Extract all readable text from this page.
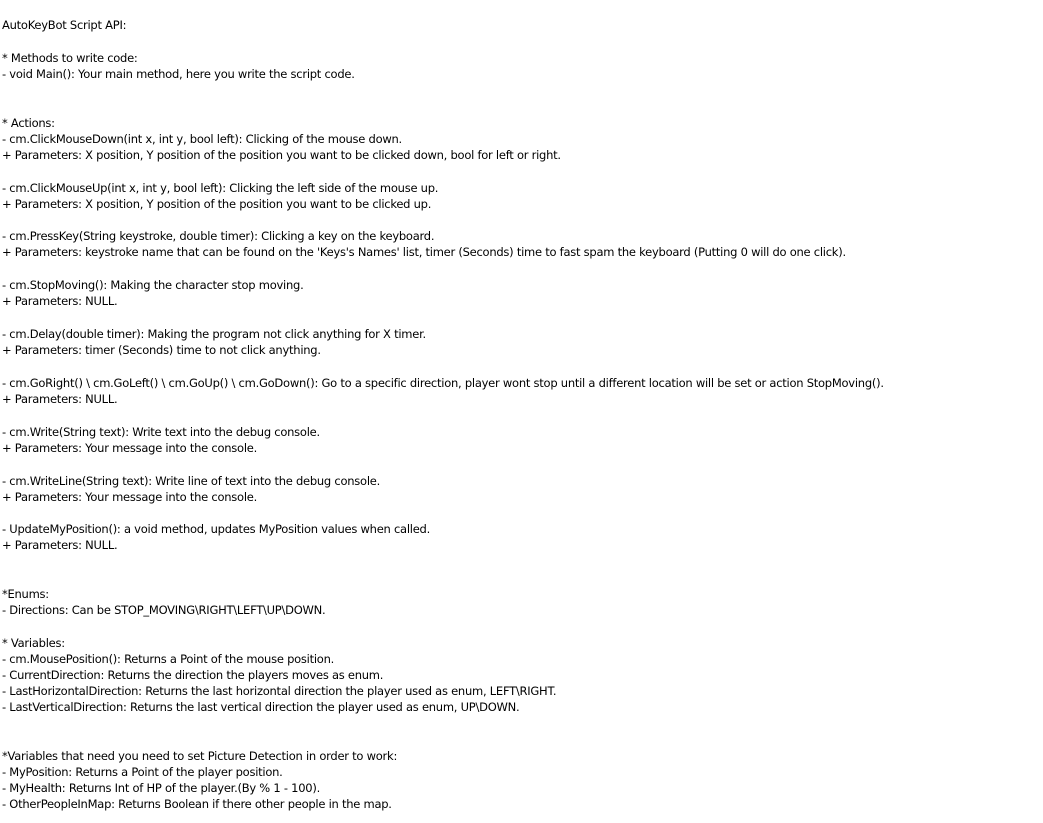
AutoKeyBot Script API:
* Methods to write code:
- void Main(): Your main method, here you write the script code.
* Actions:
- cm.ClickMouseDown(int x, int y, bool left): Clicking of the mouse down.
+ Parameters: X position, Y position of the position you want to be clicked down, bool for left or right.
- cm.ClickMouseUp(int x, int y, bool left): Clicking the left side of the mouse up.
+ Parameters: X position, Y position of the position you want to be clicked up.
- cm.PressKey(String keystroke, double timer): Clicking a key on the keyboard.
+ Parameters: keystroke name that can be found on the 'Keys's Names' list, timer (Seconds) time to fast spam the keyboard (Putting 0 will do one click).
- cm.StopMoving(): Making the character stop moving.
+ Parameters: NULL.
- cm.Delay(double timer): Making the program not click anything for X timer.
+ Parameters: timer (Seconds) time to not click anything.
- cm.GoRight() \ cm.GoLeft() \ cm.GoUp() \ cm.GoDown(): Go to a specific direction, player wont stop until a different location will be set or action StopMoving().
+ Parameters: NULL.
- cm.Write(String text): Write text into the debug console.
+ Parameters: Your message into the console.
- cm.WriteLine(String text): Write line of text into the debug console.
+ Parameters: Your message into the console.
- UpdateMyPosition(): a void method, updates MyPosition values when called.
+ Parameters: NULL.
*Enums:
- Directions: Can be STOP_MOVING\RIGHT\LEFT\UP\DOWN.
* Variables:
- cm.MousePosition(): Returns a Point of the mouse position.
- CurrentDirection: Returns the direction the players moves as enum.
- LastHorizontalDirection: Returns the last horizontal direction the player used as enum, LEFT\RIGHT.
- LastVerticalDirection: Returns the last vertical direction the player used as enum, UP\DOWN.
*Variables that need you need to set Picture Detection in order to work:
- MyPosition: Returns a Point of the player position.
- MyHealth: Returns Int of HP of the player.(By % 1 - 100).
- OtherPeopleInMap: Returns Boolean if there other people in the map.
